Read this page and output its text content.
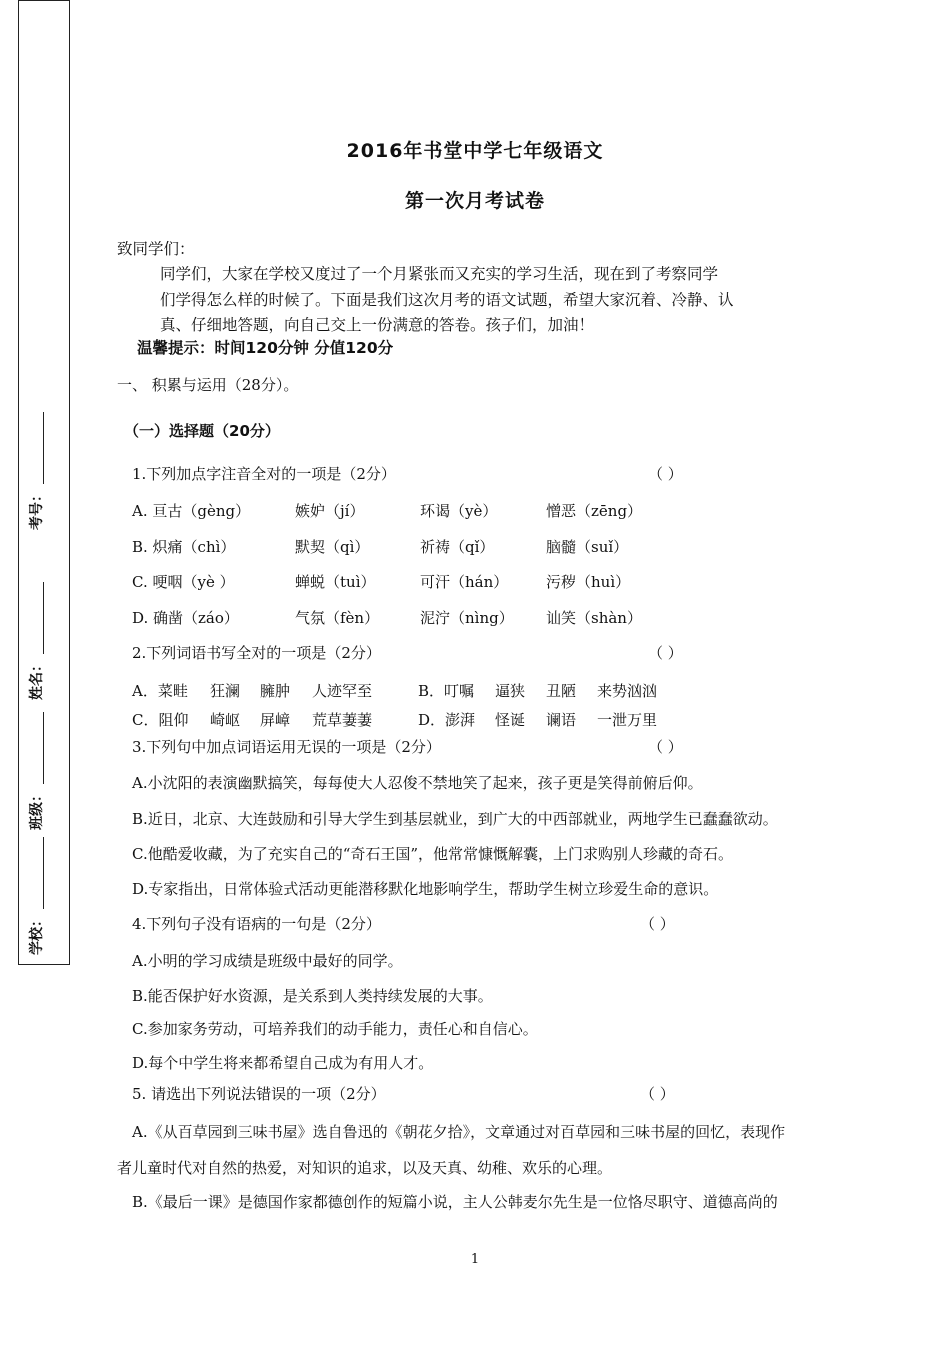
考号：
姓名：
班级：
学校：
2016年书堂中学七年级语文
第一次月考试卷
致同学们：
同学们，大家在学校又度过了一个月紧张而又充实的学习生活，现在到了考察同学
们学得怎么样的时候了。下面是我们这次月考的语文试题，希望大家沉着、冷静、认
真、仔细地答题，向自己交上一份满意的答卷。孩子们，加油！
温馨提示：时间120分钟 分值120分
一、 积累与运用（28分）。
（一）选择题（20分）
1.下列加点字注音全对的一项是（2分）	（ ）
A. 亘古（gèng）	嫉妒（jí）	环谒（yè）	憎恶（zēng）
B. 炽痛（chì）	默契（qì）	祈祷（qǐ）	脑髓（suǐ）
C. 哽咽（yè ）	蝉蜕（tuì）	可汗（hán）	污秽（huì）
D. 确凿（záo）	气氛（fèn）	泥泞（nìng） 讪笑（shàn）
2.下列词语书写全对的一项是（2分）	（ ）
A．菜畦 狂澜 臃肿 人迹罕至	B．叮嘱 逼狭 丑陋 来势汹汹
C．阻仰 崎岖 屏嶂 荒草萋萋	D．澎湃 怪诞 谰语 一泄万里
3.下列句中加点词语运用无误的一项是（2分）	（ ）
A.小沈阳的表演幽默搞笑，每每使大人忍俊不禁地笑了起来，孩子更是笑得前俯后仰。
B.近日，北京、大连鼓励和引导大学生到基层就业，到广大的中西部就业，两地学生已蠢蠢欲动。
C.他酷爱收藏，为了充实自己的“奇石王国”，他常常慷慨解囊，上门求购别人珍藏的奇石。
D.专家指出，日常体验式活动更能潜移默化地影响学生，帮助学生树立珍爱生命的意识。
4.下列句子没有语病的一句是（2分）	（ ）
A.小明的学习成绩是班级中最好的同学。
B.能否保护好水资源，是关系到人类持续发展的大事。
C.参加家务劳动，可培养我们的动手能力，责任心和自信心。
D.每个中学生将来都希望自己成为有用人才。
5. 请选出下列说法错误的一项（2分）	（ ）
A.《从百草园到三味书屋》选自鲁迅的《朝花夕拾》，文章通过对百草园和三味书屋的回忆，表现作
者儿童时代对自然的热爱，对知识的追求，以及天真、幼稚、欢乐的心理。
B.《最后一课》是德国作家都德创作的短篇小说，主人公韩麦尔先生是一位恪尽职守、道德高尚的
1
